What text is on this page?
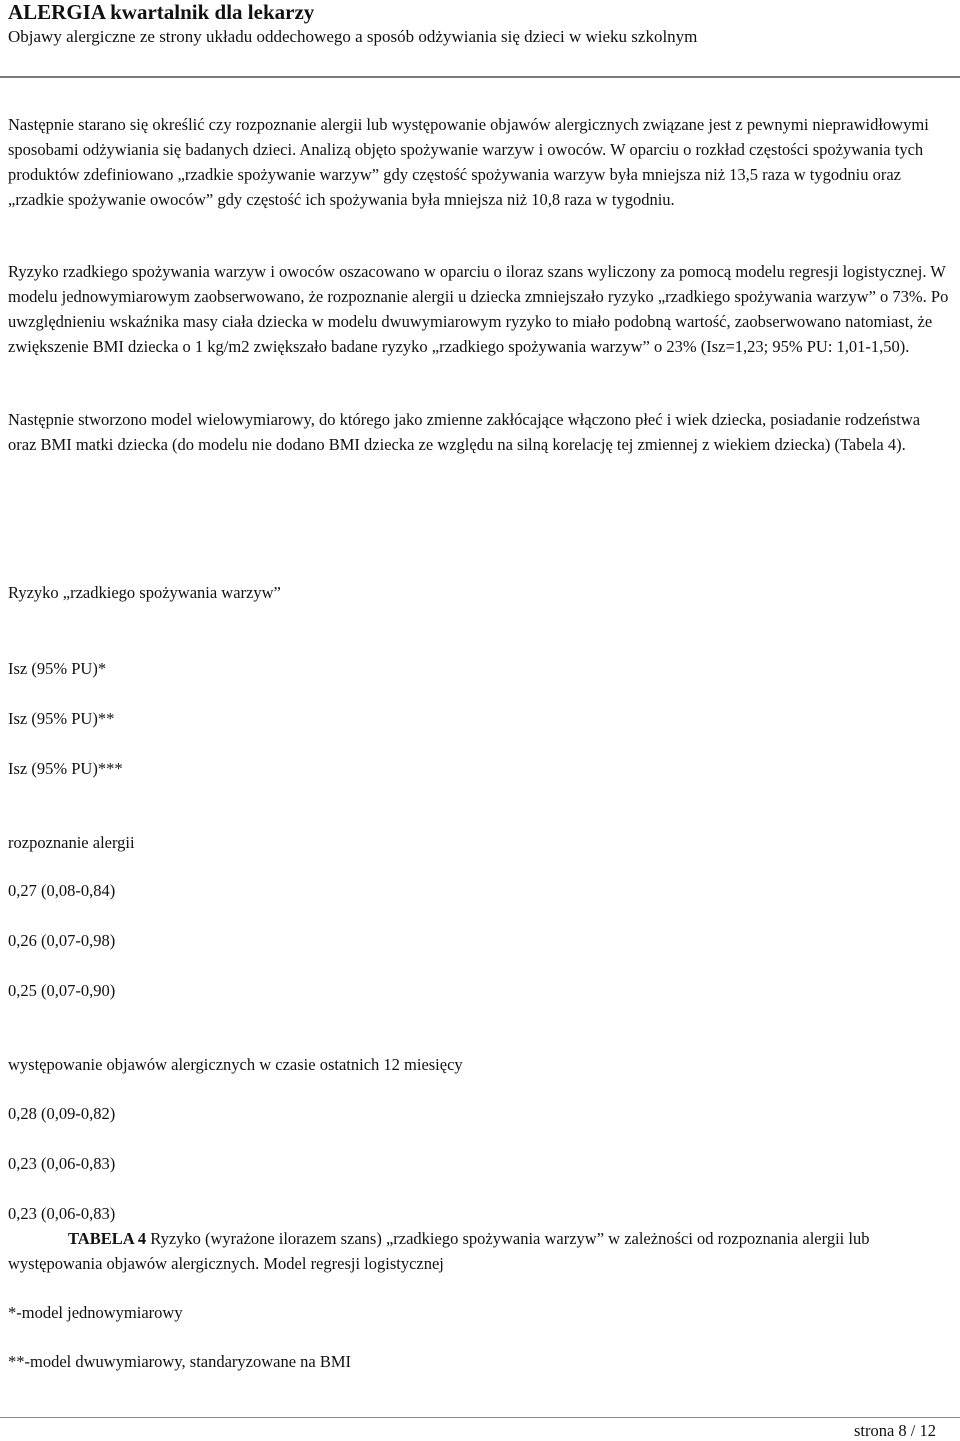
ALERGIA kwartalnik dla lekarzy
Objawy alergiczne ze strony układu oddechowego a sposób odżywiania się dzieci w wieku szkolnym
Następnie starano się określić czy rozpoznanie alergii lub występowanie objawów alergicznych związane jest z pewnymi nieprawidłowymi sposobami odżywiania się badanych dzieci. Analizą objęto spożywanie warzyw i owoców. W oparciu o rozkład częstości spożywania tych produktów zdefiniowano „rzadkie spożywanie warzyw” gdy częstość spożywania warzyw była mniejsza niż 13,5 raza w tygodniu oraz „rzadkie spożywanie owoców” gdy częstość ich spożywania była mniejsza niż 10,8 raza w tygodniu.
Ryzyko rzadkiego spożywania warzyw i owoców oszacowano w oparciu o iloraz szans wyliczony za pomocą modelu regresji logistycznej. W modelu jednowymiarowym zaobserwowano, że rozpoznanie alergii u dziecka zmniejszało ryzyko „rzadkiego spożywania warzyw” o 73%. Po uwzględnieniu wskaźnika masy ciała dziecka w modelu dwuwymiarowym ryzyko to miało podobną wartość, zaobserwowano natomiast, że zwiększenie BMI dziecka o 1 kg/m2 zwiększało badane ryzyko „rzadkiego spożywania warzyw” o 23% (Isz=1,23; 95% PU: 1,01-1,50).
Następnie stworzono model wielowymiarowy, do którego jako zmienne zakłócające włączono płeć i wiek dziecka, posiadanie rodzeństwa oraz BMI matki dziecka (do modelu nie dodano BMI dziecka ze względu na silną korelację tej zmiennej z wiekiem dziecka) (Tabela 4).
Ryzyko „rzadkiego spożywania warzyw”
Isz (95% PU)*
Isz (95% PU)**
Isz (95% PU)***
rozpoznanie alergii
0,27 (0,08-0,84)
0,26 (0,07-0,98)
0,25 (0,07-0,90)
występowanie objawów alergicznych w czasie ostatnich 12 miesięcy
0,28 (0,09-0,82)
0,23 (0,06-0,83)
0,23 (0,06-0,83)
TABELA 4 Ryzyko (wyrażone ilorazem szans) „rzadkiego spożywania warzyw” w zależności od rozpoznania alergii lub występowania objawów alergicznych. Model regresji logistycznej
*-model jednowymiarowy
**-model dwuwymiarowy, standaryzowane na BMI
strona 8 / 12
